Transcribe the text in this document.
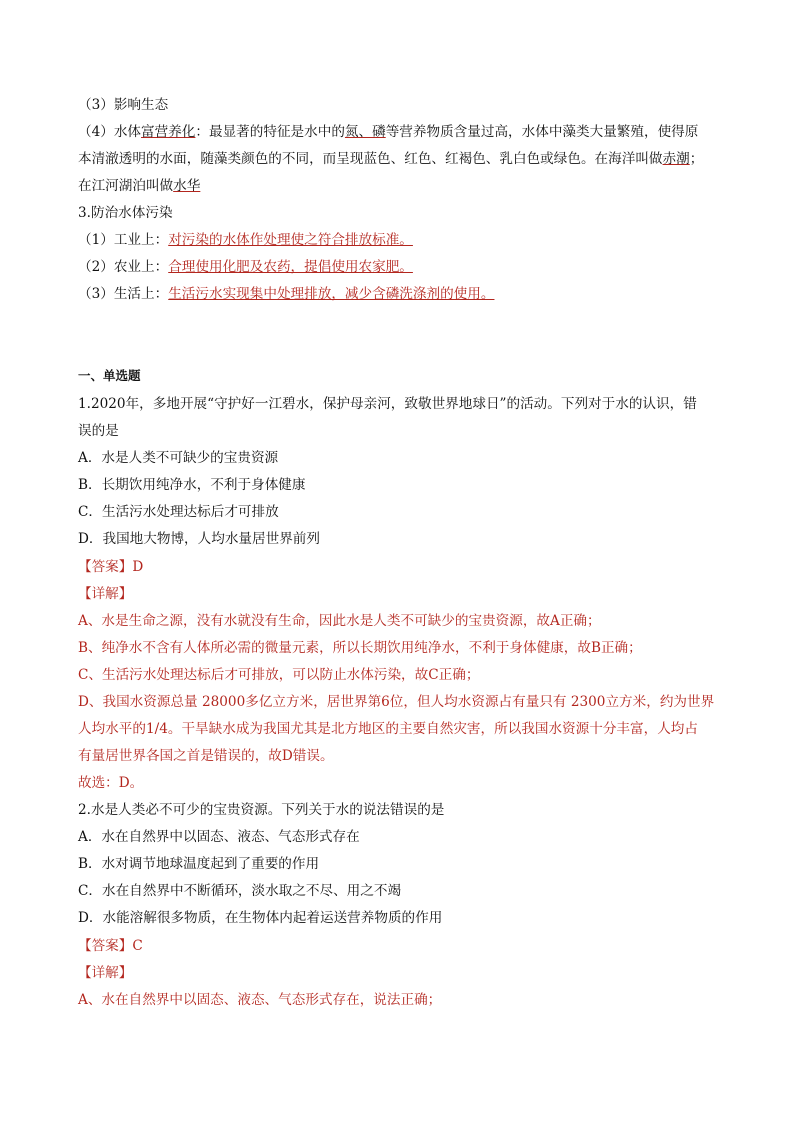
（3）影响生态
（4）水体富营养化：最显著的特征是水中的氮、磷等营养物质含量过高，水体中藻类大量繁殖，使得原
本清澈透明的水面，随藻类颜色的不同，而呈现蓝色、红色、红褐色、乳白色或绿色。在海洋叫做赤潮；
在江河湖泊叫做水华
3.防治水体污染
（1）工业上：对污染的水体作处理使之符合排放标准。
（2）农业上：合理使用化肥及农药，提倡使用农家肥。
（3）生活上：生活污水实现集中处理排放，减少含磷洗涤剂的使用。
一、单选题
1.2020年，多地开展“守护好一江碧水，保护母亲河，致敬世界地球日”的活动。下列对于水的认识，错
误的是
A．水是人类不可缺少的宝贵资源
B．长期饮用纯净水，不利于身体健康
C．生活污水处理达标后才可排放
D．我国地大物博，人均水量居世界前列
【答案】D
【详解】
A、水是生命之源，没有水就没有生命，因此水是人类不可缺少的宝贵资源，故A正确；
B、纯净水不含有人体所必需的微量元素，所以长期饮用纯净水，不利于身体健康，故B正确；
C、生活污水处理达标后才可排放，可以防止水体污染，故C正确；
D、我国水资源总量 28000多亿立方米，居世界第6位，但人均水资源占有量只有 2300立方米，约为世界
人均水平的1/4。干旱缺水成为我国尤其是北方地区的主要自然灾害，所以我国水资源十分丰富，人均占
有量居世界各国之首是错误的，故D错误。
故选：D。
2.水是人类必不可少的宝贵资源。下列关于水的说法错误的是
A．水在自然界中以固态、液态、气态形式存在
B．水对调节地球温度起到了重要的作用
C．水在自然界中不断循环，淡水取之不尽、用之不竭
D．水能溶解很多物质，在生物体内起着运送营养物质的作用
【答案】C
【详解】
A、水在自然界中以固态、液态、气态形式存在，说法正确；
